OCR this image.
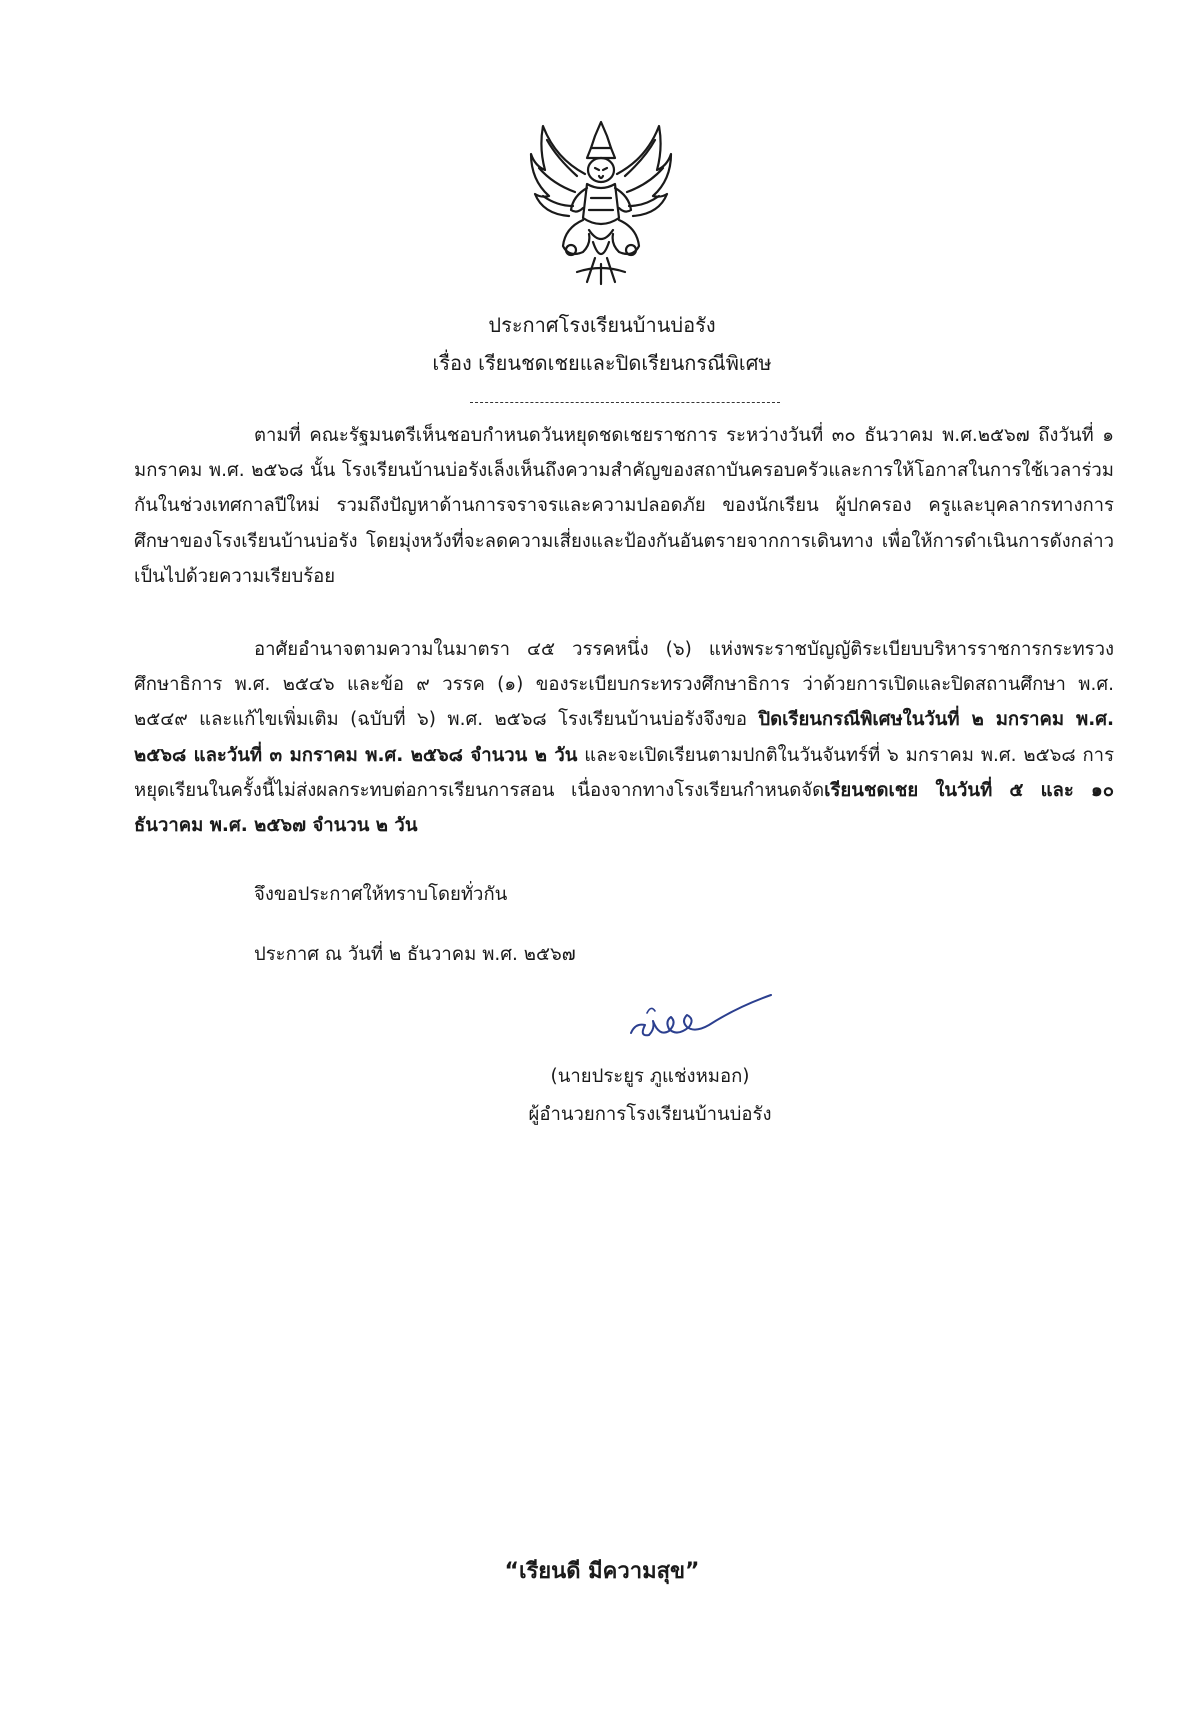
ประกาศโรงเรียนบ้านบ่อรัง
เรื่อง เรียนชดเชยและปิดเรียนกรณีพิเศษ

ตามที่ คณะรัฐมนตรีเห็นชอบกำหนดวันหยุดชดเชยราชการ ระหว่างวันที่ ๓๐ ธันวาคม พ.ศ.๒๕๖๗ ถึงวันที่ ๑ มกราคม พ.ศ. ๒๕๖๘ นั้น โรงเรียนบ้านบ่อรังเล็งเห็นถึงความสำคัญของสถาบันครอบครัวและการให้โอกาสในการใช้เวลาร่วมกันในช่วงเทศกาลปีใหม่ รวมถึงปัญหาด้านการจราจรและความปลอดภัย ของนักเรียน ผู้ปกครอง ครูและบุคลากรทางการศึกษาของโรงเรียนบ้านบ่อรัง โดยมุ่งหวังที่จะลดความเสี่ยงและป้องกันอันตรายจากการเดินทาง เพื่อให้การดำเนินการดังกล่าวเป็นไปด้วยความเรียบร้อย

อาศัยอำนาจตามความในมาตรา ๔๕ วรรคหนึ่ง (๖) แห่งพระราชบัญญัติระเบียบบริหารราชการกระทรวงศึกษาธิการ พ.ศ. ๒๕๔๖ และข้อ ๙ วรรค (๑) ของระเบียบกระทรวงศึกษาธิการ ว่าด้วยการเปิดและปิดสถานศึกษา พ.ศ. ๒๕๔๙ และแก้ไขเพิ่มเติม (ฉบับที่ ๖) พ.ศ. ๒๕๖๘ โรงเรียนบ้านบ่อรังจึงขอ ปิดเรียนกรณีพิเศษในวันที่ ๒ มกราคม พ.ศ. ๒๕๖๘ และวันที่ ๓ มกราคม พ.ศ. ๒๕๖๘ จำนวน ๒ วัน และจะเปิดเรียนตามปกติในวันจันทร์ที่ ๖ มกราคม พ.ศ. ๒๕๖๘ การหยุดเรียนในครั้งนี้ไม่ส่งผลกระทบต่อการเรียนการสอน เนื่องจากทางโรงเรียนกำหนดจัดเรียนชดเชย ในวันที่ ๕ และ ๑๐ ธันวาคม พ.ศ. ๒๕๖๗ จำนวน ๒ วัน

จึงขอประกาศให้ทราบโดยทั่วกัน
ประกาศ ณ วันที่ ๒ ธันวาคม พ.ศ. ๒๕๖๗
(นายประยูร ภูแช่งหมอก)
ผู้อำนวยการโรงเรียนบ้านบ่อรัง
“เรียนดี มีความสุข”
